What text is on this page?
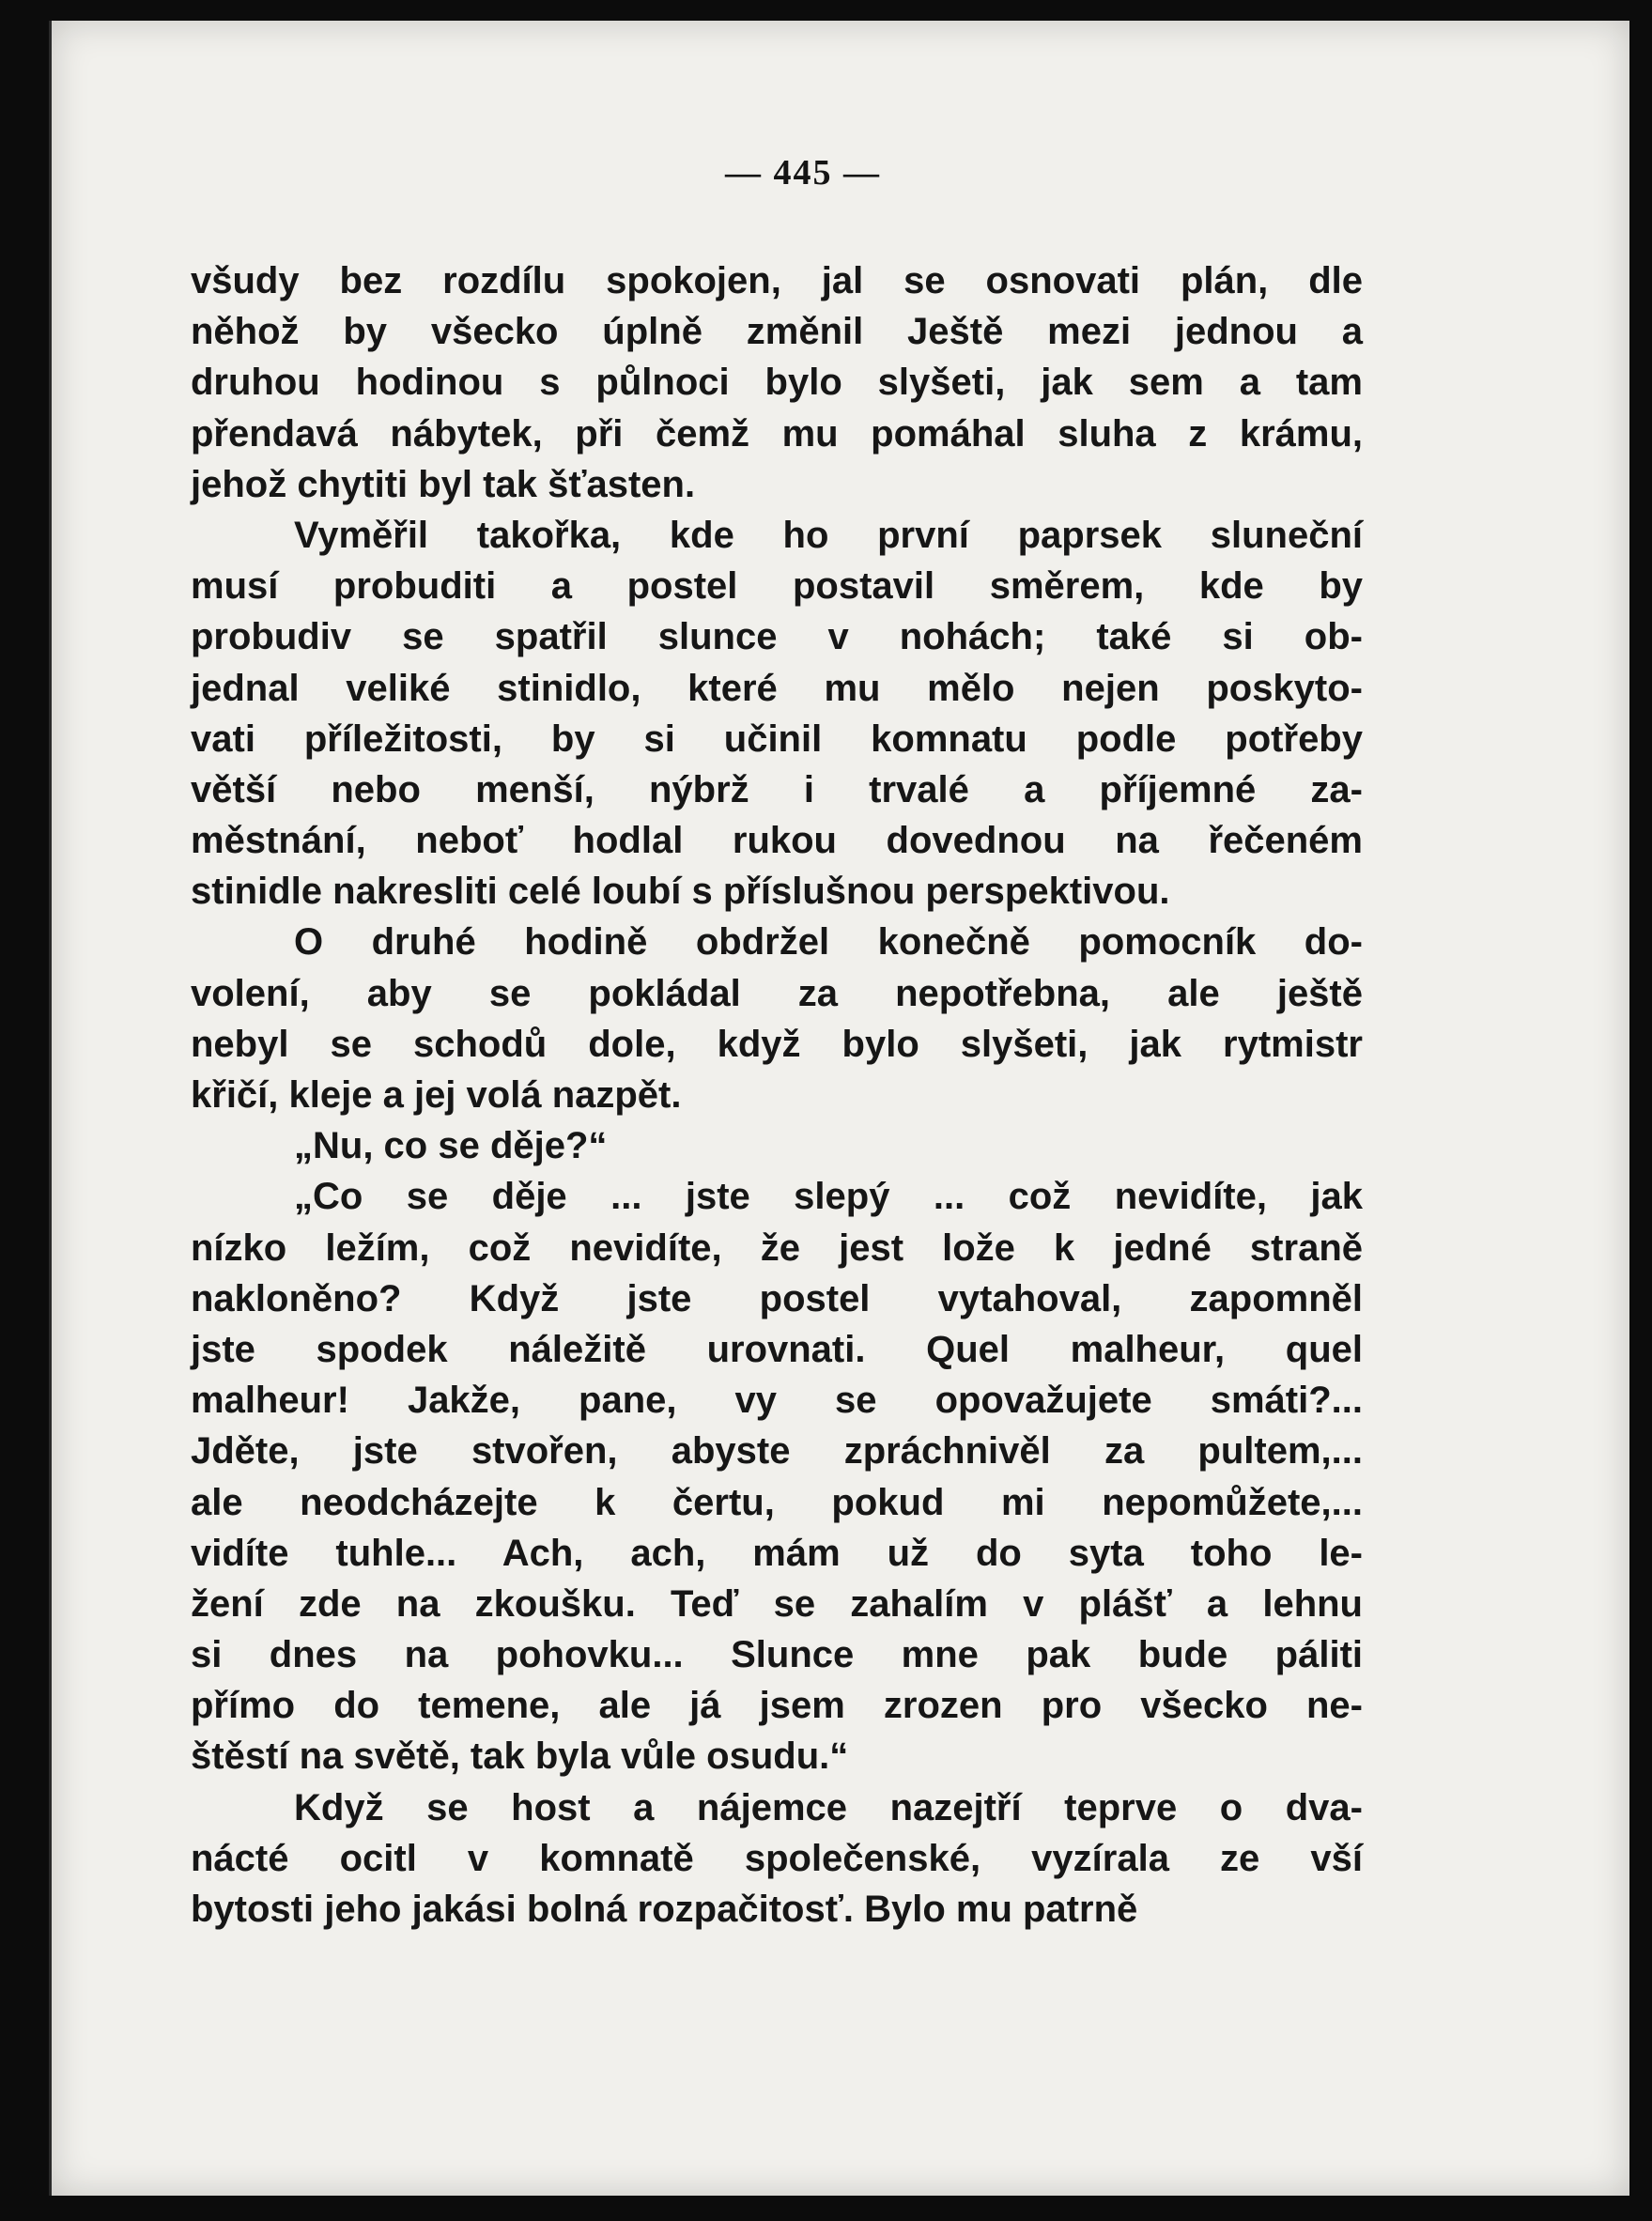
— 445 —
všudy bez rozdílu spokojen, jal se osnovati plán, dle
něhož by všecko úplně změnil Ještě mezi jednou a
druhou hodinou s půlnoci bylo slyšeti, jak sem a tam
přendavá nábytek, při čemž mu pomáhal sluha z krámu,
jehož chytiti byl tak šťasten.
Vyměřil takořka, kde ho první paprsek sluneční
musí probuditi a postel postavil směrem, kde by
probudiv se spatřil slunce v nohách; také si ob-
jednal veliké stinidlo, které mu mělo nejen poskyto-
vati příležitosti, by si učinil komnatu podle potřeby
větší nebo menší, nýbrž i trvalé a příjemné za-
městnání, neboť hodlal rukou dovednou na řečeném
stinidle nakresliti celé loubí s příslušnou perspektivou.
O druhé hodině obdržel konečně pomocník do-
volení, aby se pokládal za nepotřebna, ale ještě
nebyl se schodů dole, když bylo slyšeti, jak rytmistr
křičí, kleje a jej volá nazpět.
„Nu, co se děje?“
„Co se děje ... jste slepý ... což nevidíte, jak
nízko ležím, což nevidíte, že jest lože k jedné straně
nakloněno? Když jste postel vytahoval, zapomněl
jste spodek náležitě urovnati. Quel malheur, quel
malheur! Jakže, pane, vy se opovažujete smáti?...
Jděte, jste stvořen, abyste zpráchnivěl za pultem,...
ale neodcházejte k čertu, pokud mi nepomůžete,...
vidíte tuhle... Ach, ach, mám už do syta toho le-
žení zde na zkoušku. Teď se zahalím v plášť a lehnu
si dnes na pohovku... Slunce mne pak bude páliti
přímo do temene, ale já jsem zrozen pro všecko ne-
štěstí na světě, tak byla vůle osudu.“
Když se host a nájemce nazejtří teprve o dva-
nácté ocitl v komnatě společenské, vyzírala ze vší
bytosti jeho jakási bolná rozpačitosť. Bylo mu patrně
